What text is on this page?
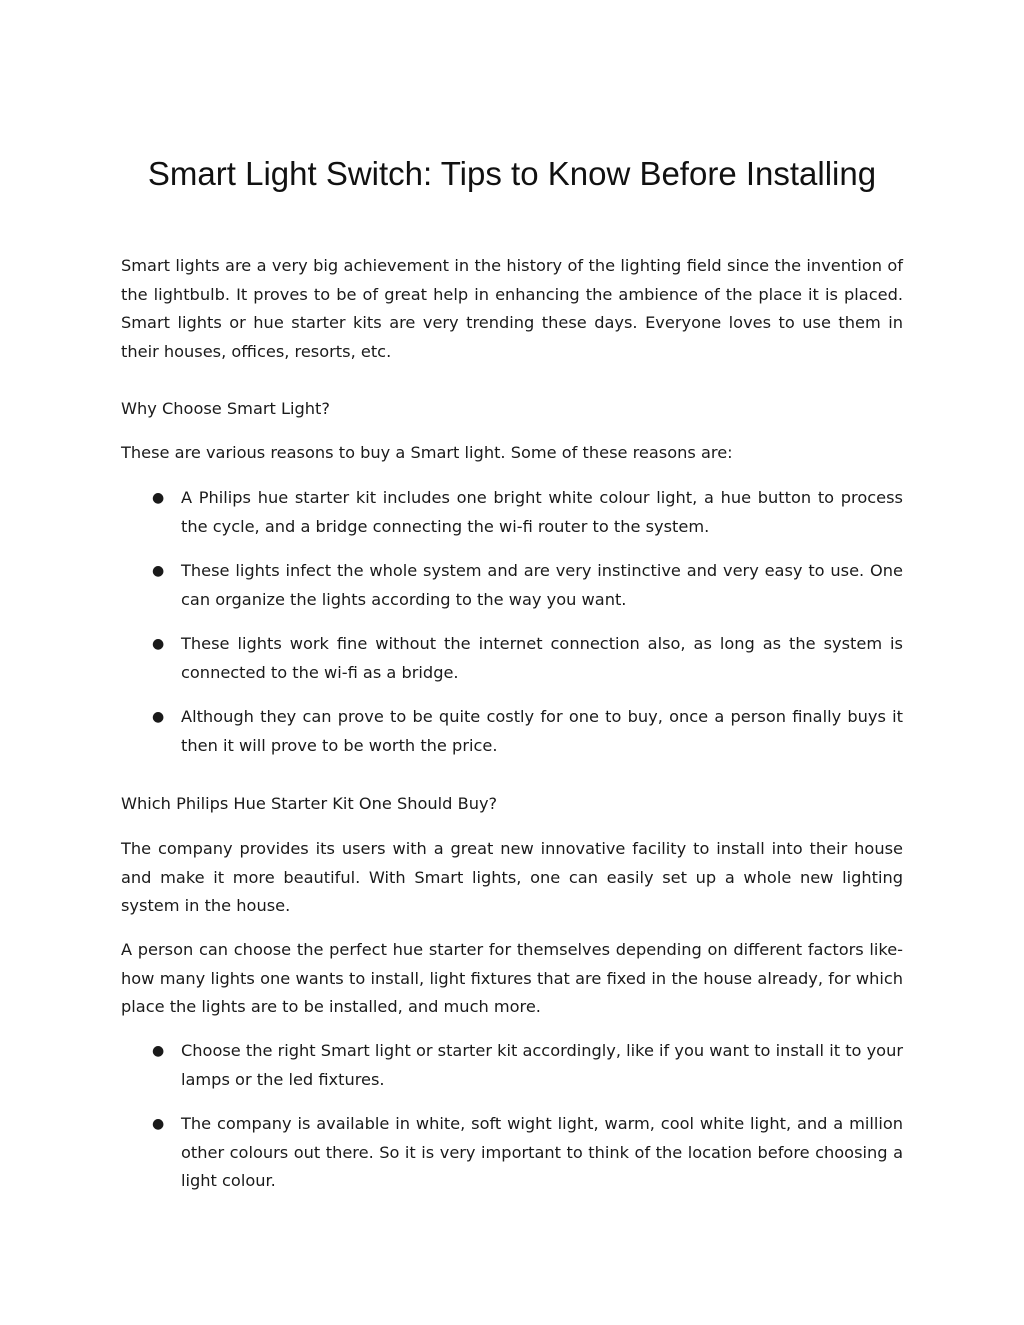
Smart Light Switch: Tips to Know Before Installing

Smart lights are a very big achievement in the history of the lighting field since the invention of the lightbulb. It proves to be of great help in enhancing the ambience of the place it is placed. Smart lights or hue starter kits are very trending these days. Everyone loves to use them in their houses, offices, resorts, etc.

Why Choose Smart Light?

These are various reasons to buy a Smart light. Some of these reasons are:

● A Philips hue starter kit includes one bright white colour light, a hue button to process the cycle, and a bridge connecting the wi-fi router to the system.

● These lights infect the whole system and are very instinctive and very easy to use. One can organize the lights according to the way you want.

● These lights work fine without the internet connection also, as long as the system is connected to the wi-fi as a bridge.

● Although they can prove to be quite costly for one to buy, once a person finally buys it then it will prove to be worth the price.

Which Philips Hue Starter Kit One Should Buy?

The company provides its users with a great new innovative facility to install into their house and make it more beautiful. With Smart lights, one can easily set up a whole new lighting system in the house.

A person can choose the perfect hue starter for themselves depending on different factors like- how many lights one wants to install, light fixtures that are fixed in the house already, for which place the lights are to be installed, and much more.

● Choose the right Smart light or starter kit accordingly, like if you want to install it to your lamps or the led fixtures.

● The company is available in white, soft wight light, warm, cool white light, and a million other colours out there. So it is very important to think of the location before choosing a light colour.
